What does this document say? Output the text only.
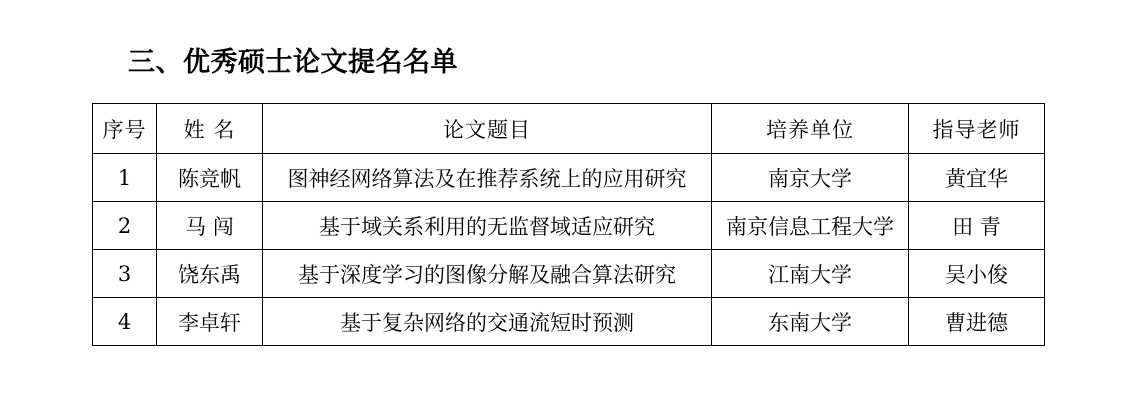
三、优秀硕士论文提名名单
序号	姓 名	论文题目	培养单位	指导老师
1	陈竞帆	图神经网络算法及在推荐系统上的应用研究	南京大学	黄宜华
2	马 闯	基于域关系利用的无监督域适应研究	南京信息工程大学	田 青
3	饶东禹	基于深度学习的图像分解及融合算法研究	江南大学	吴小俊
4	李卓轩	基于复杂网络的交通流短时预测	东南大学	曹进德
